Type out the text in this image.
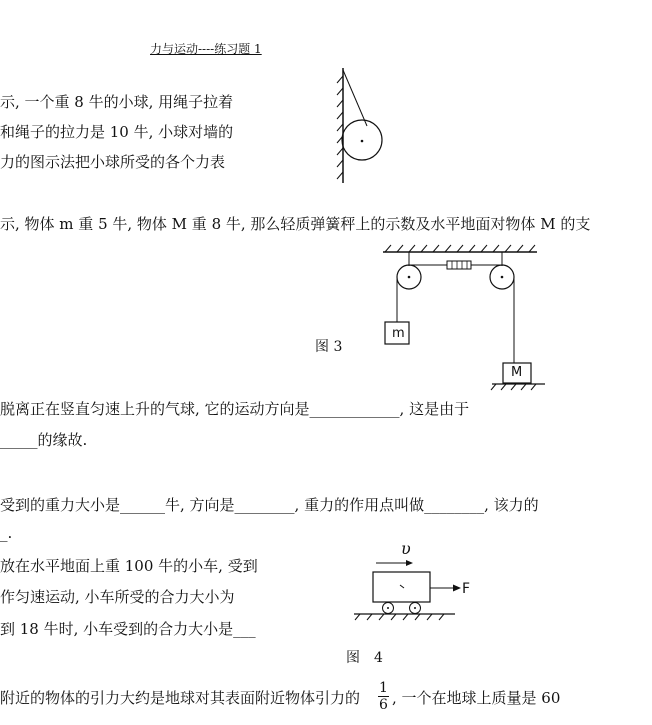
力与运动----练习题 1
示, 一个重 8 牛的小球, 用绳子拉着
和绳子的拉力是 10 牛, 小球对墙的
力的图示法把小球所受的各个力表
示, 物体 m 重 5 牛, 物体 M 重 8 牛, 那么轻质弹簧秤上的示数及水平地面对物体 M 的支
m
M
图 3
脱离正在竖直匀速上升的气球, 它的运动方向是____________, 这是由于
_____的缘故.
受到的重力大小是______牛, 方向是________, 重力的作用点叫做________, 该力的
_.
放在水平地面上重 100 牛的小车, 受到
作匀速运动, 小车所受的合力大小为
到 18 牛时, 小车受到的合力大小是___
υ
F
图　4
附近的物体的引力大约是地球对其表面附近物体引力的 $\frac{1}{6}$ , 一个在地球上质量是 60
